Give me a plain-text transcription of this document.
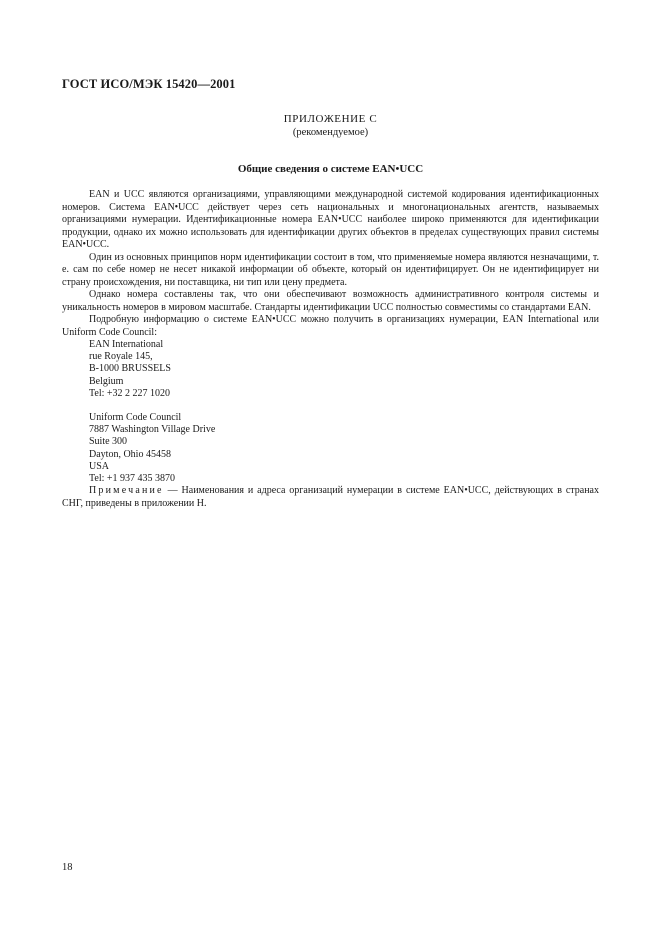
ГОСТ ИСО/МЭК 15420—2001
ПРИЛОЖЕНИЕ С
(рекомендуемое)
Общие сведения о системе EAN•UCC

EAN и UCC являются организациями, управляющими международной системой кодирования идентификационных номеров. Система EAN•UCC действует через сеть национальных и многонациональных агентств, называемых организациями нумерации. Идентификационные номера EAN•UCC наиболее широко применяются для идентификации продукции, однако их можно использовать для идентификации других объектов в пределах существующих правил системы EAN•UCC.

Один из основных принципов норм идентификации состоит в том, что применяемые номера являются незначащими, т. е. сам по себе номер не несет никакой информации об объекте, который он идентифицирует. Он не идентифицирует ни страну происхождения, ни поставщика, ни тип или цену предмета.

Однако номера составлены так, что они обеспечивают возможность административного контроля системы и уникальность номеров в мировом масштабе. Стандарты идентификации UCC полностью совместимы со стандартами EAN.

Подробную информацию о системе EAN•UCC можно получить в организациях нумерации, EAN International или Uniform Code Council:

EAN International
rue Royale 145,
B-1000 BRUSSELS
Belgium
Tel: +32 2 227 1020
Uniform Code Council
7887 Washington Village Drive
Suite 300
Dayton, Ohio 45458
USA
Tel: +1 937 435 3870

Примечание — Наименования и адреса организаций нумерации в системе EAN•UCC, действующих в странах СНГ, приведены в приложении Н.

18
